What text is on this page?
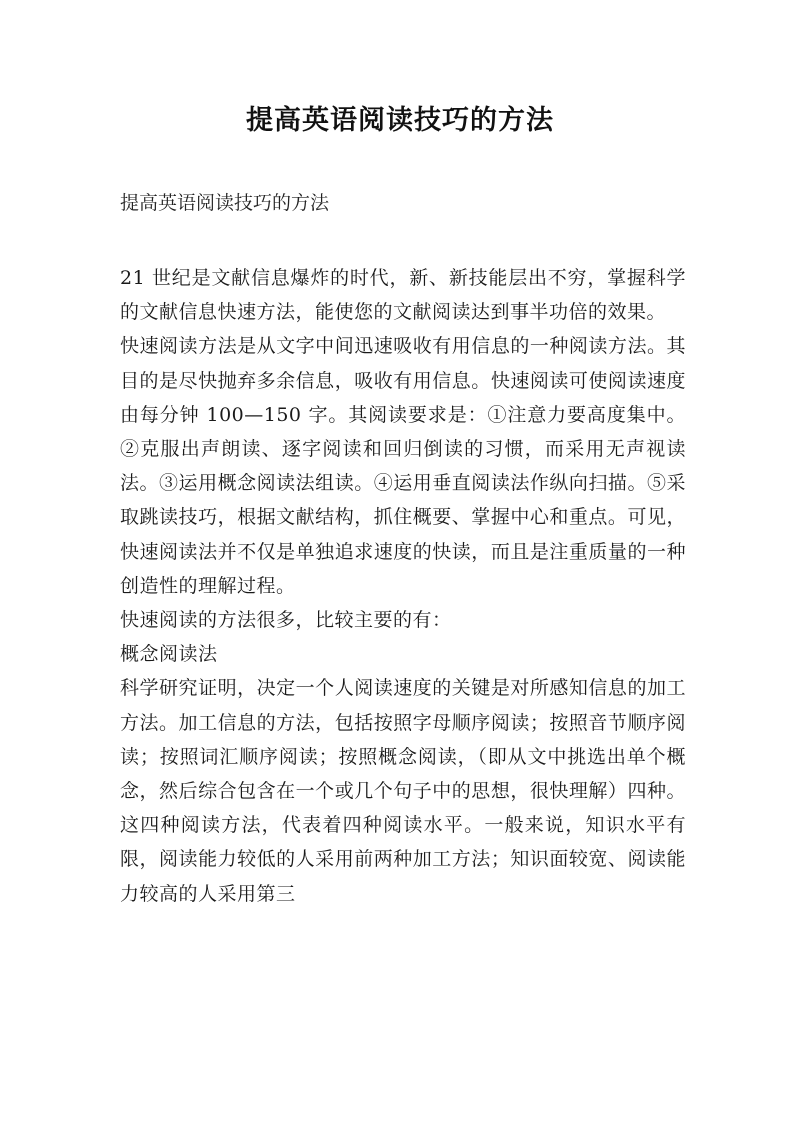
提高英语阅读技巧的方法

提高英语阅读技巧的方法

21 世纪是文献信息爆炸的时代，新、新技能层出不穷，掌握科学的文献信息快速方法，能使您的文献阅读达到事半功倍的效果。

快速阅读方法是从文字中间迅速吸收有用信息的一种阅读方法。其目的是尽快抛弃多余信息，吸收有用信息。快速阅读可使阅读速度由每分钟 100—150 字。其阅读要求是：①注意力要高度集中。②克服出声朗读、逐字阅读和回归倒读的习惯，而采用无声视读法。③运用概念阅读法组读。④运用垂直阅读法作纵向扫描。⑤采取跳读技巧，根据文献结构，抓住概要、掌握中心和重点。可见，快速阅读法并不仅是单独追求速度的快读，而且是注重质量的一种创造性的理解过程。

快速阅读的方法很多，比较主要的有：

概念阅读法

科学研究证明，决定一个人阅读速度的关键是对所感知信息的加工方法。加工信息的方法，包括按照字母顺序阅读；按照音节顺序阅读；按照词汇顺序阅读；按照概念阅读，（即从文中挑选出单个概念，然后综合包含在一个或几个句子中的思想，很快理解）四种。这四种阅读方法，代表着四种阅读水平。一般来说，知识水平有限，阅读能力较低的人采用前两种加工方法；知识面较宽、阅读能力较高的人采用第三
